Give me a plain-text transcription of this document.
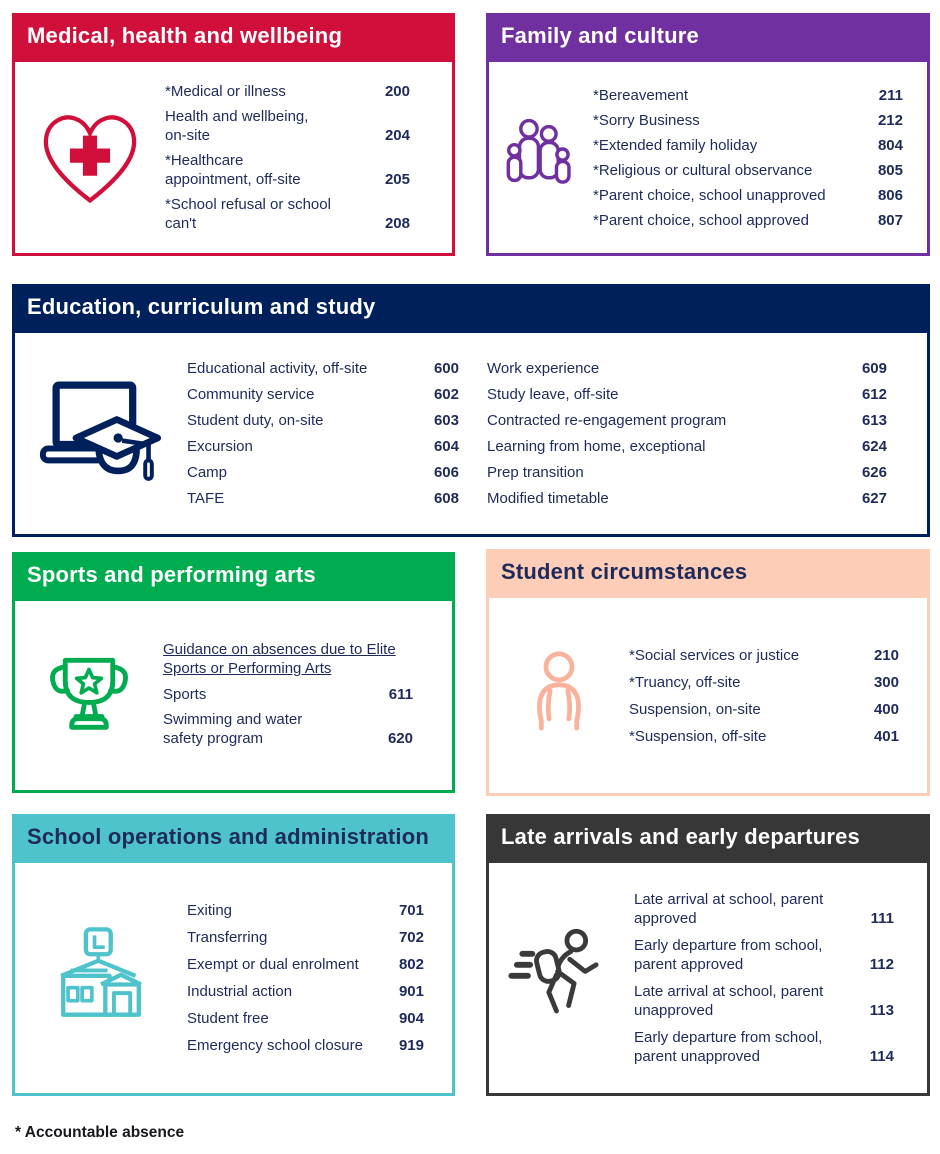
Medical, health and wellbeing
*Medical or illness	200
Health and wellbeing, on-site	204
*Healthcare appointment, off-site	205
*School refusal or school can't	208
Family and culture
*Bereavement	211
*Sorry Business	212
*Extended family holiday	804
*Religious or cultural observance	805
*Parent choice, school unapproved	806
*Parent choice, school approved	807
Education, curriculum and study
Educational activity, off-site	600
Community service	602
Student duty, on-site	603
Excursion	604
Camp	606
TAFE	608
Work experience	609
Study leave, off-site	612
Contracted re-engagement program	613
Learning from home, exceptional	624
Prep transition	626
Modified timetable	627
Sports and performing arts
Guidance on absences due to Elite Sports or Performing Arts
Sports	611
Swimming and water safety program	620
Student circumstances
*Social services or justice	210
*Truancy, off-site	300
Suspension, on-site	400
*Suspension, off-site	401
School operations and administration
Exiting	701
Transferring	702
Exempt or dual enrolment	802
Industrial action	901
Student free	904
Emergency school closure	919
Late arrivals and early departures
Late arrival at school, parent approved	111
Early departure from school, parent approved	112
Late arrival at school, parent unapproved	113
Early departure from school, parent unapproved	114
* Accountable absence
